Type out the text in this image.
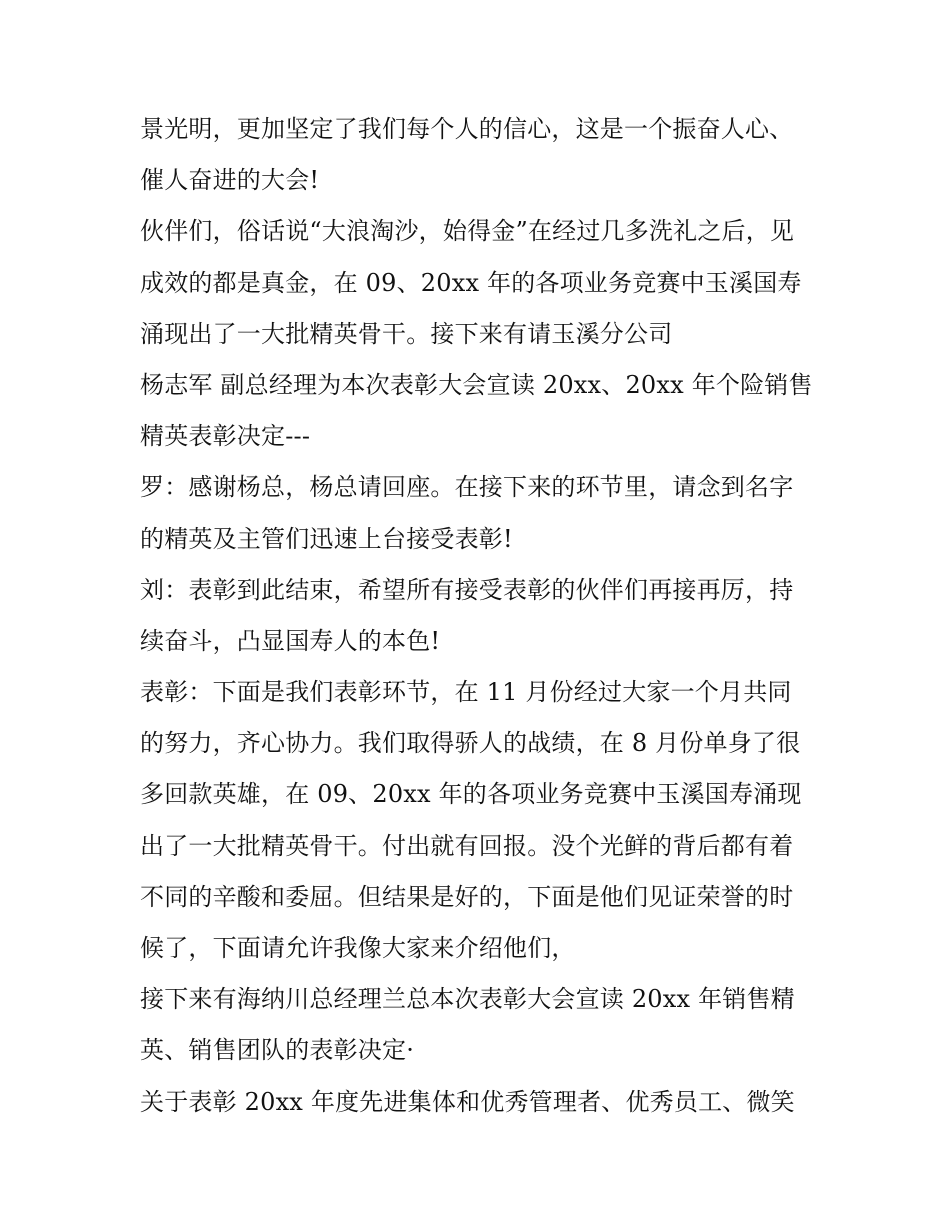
景光明，更加坚定了我们每个人的信心，这是一个振奋人心、
催人奋进的大会!
伙伴们，俗话说“大浪淘沙，始得金”在经过几多洗礼之后，见
成效的都是真金，在 09、20xx 年的各项业务竞赛中玉溪国寿
涌现出了一大批精英骨干。接下来有请玉溪分公司
杨志军 副总经理为本次表彰大会宣读 20xx、20xx 年个险销售
精英表彰决定---
罗：感谢杨总，杨总请回座。在接下来的环节里，请念到名字
的精英及主管们迅速上台接受表彰!
刘：表彰到此结束，希望所有接受表彰的伙伴们再接再厉，持
续奋斗，凸显国寿人的本色!
表彰：下面是我们表彰环节，在 11 月份经过大家一个月共同
的努力，齐心协力。我们取得骄人的战绩，在 8 月份单身了很
多回款英雄，在 09、20xx 年的各项业务竞赛中玉溪国寿涌现
出了一大批精英骨干。付出就有回报。没个光鲜的背后都有着
不同的辛酸和委屈。但结果是好的，下面是他们见证荣誉的时
候了，下面请允许我像大家来介绍他们，
接下来有海纳川总经理兰总本次表彰大会宣读 20xx 年销售精
英、销售团队的表彰决定·
关于表彰 20xx 年度先进集体和优秀管理者、优秀员工、微笑
